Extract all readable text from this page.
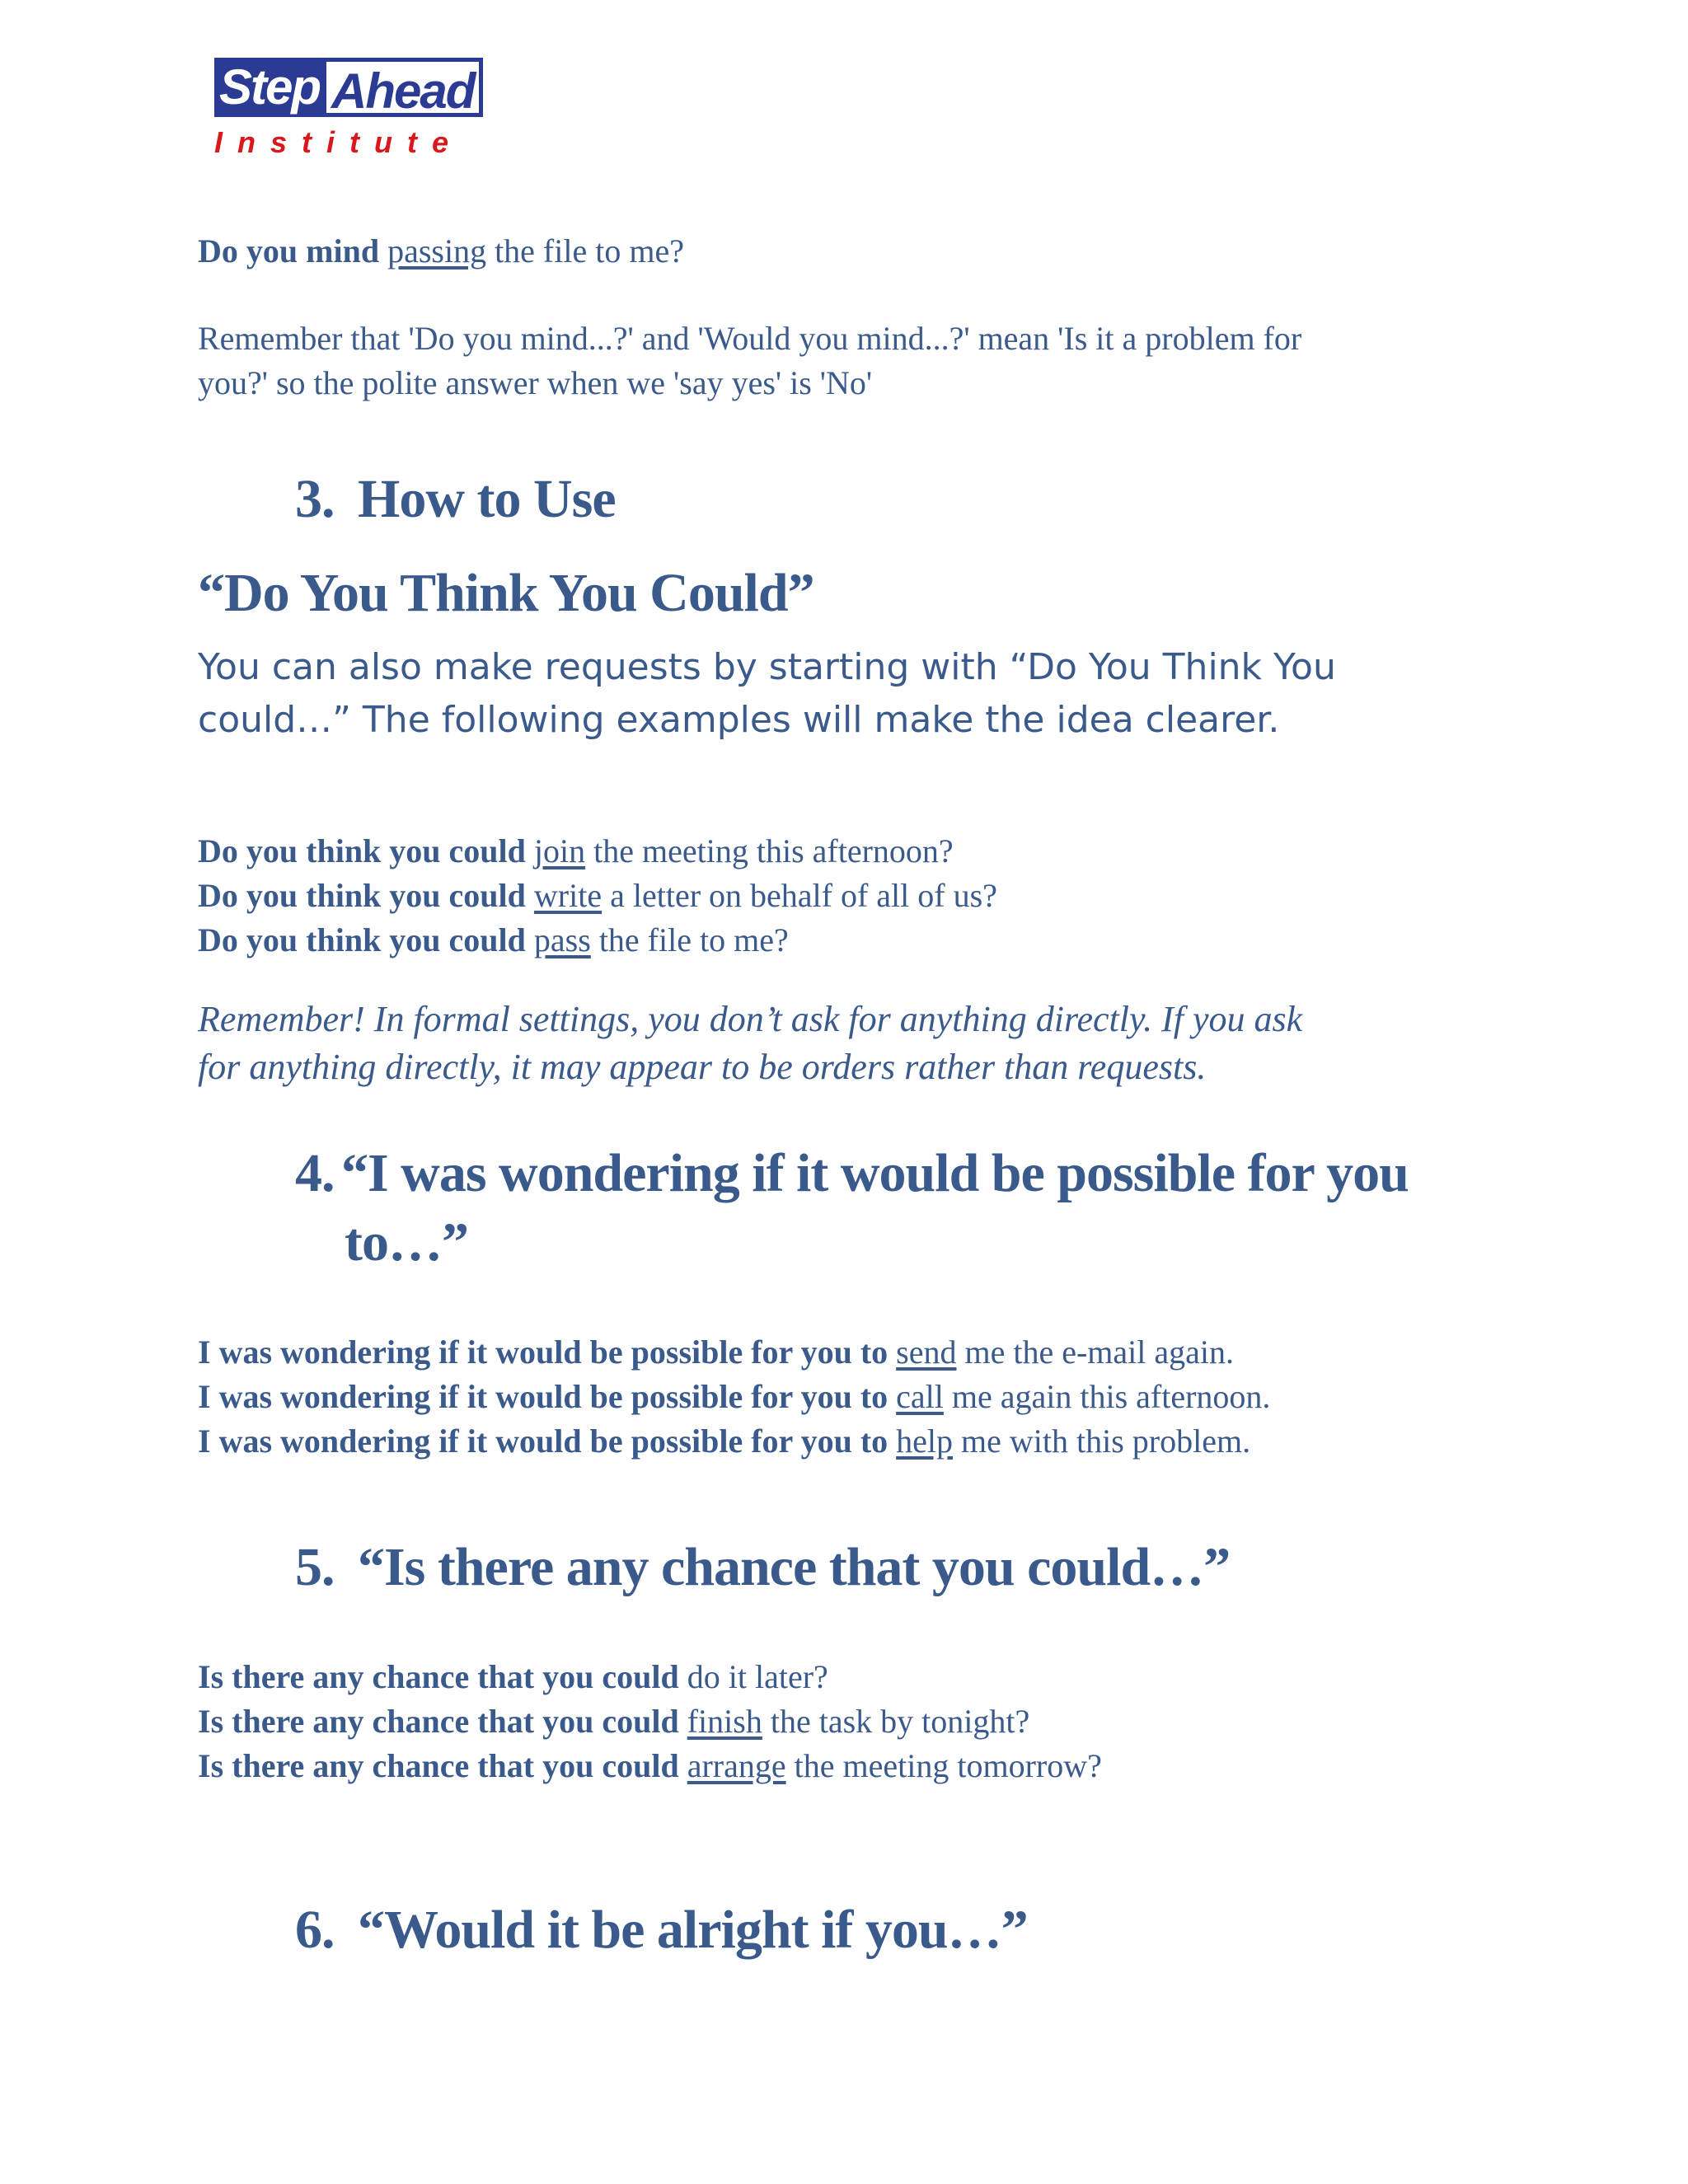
Step Ahead
Institute
Do you mind passing the file to me?
Remember that 'Do you mind...?' and 'Would you mind...?' mean 'Is it a problem for
you?' so the polite answer when we 'say yes' is 'No'
3. How to Use
“Do You Think You Could”
You can also make requests by starting with “Do You Think You
could…” The following examples will make the idea clearer.
Do you think you could join the meeting this afternoon?
Do you think you could write a letter on behalf of all of us?
Do you think you could pass the file to me?
Remember! In formal settings, you don’t ask for anything directly. If you ask
for anything directly, it may appear to be orders rather than requests.
4. “I was wondering if it would be possible for you
to…”
I was wondering if it would be possible for you to send me the e-mail again.
I was wondering if it would be possible for you to call me again this afternoon.
I was wondering if it would be possible for you to help me with this problem.
5. “Is there any chance that you could…”
Is there any chance that you could do it later?
Is there any chance that you could finish the task by tonight?
Is there any chance that you could arrange the meeting tomorrow?
6. “Would it be alright if you…”
